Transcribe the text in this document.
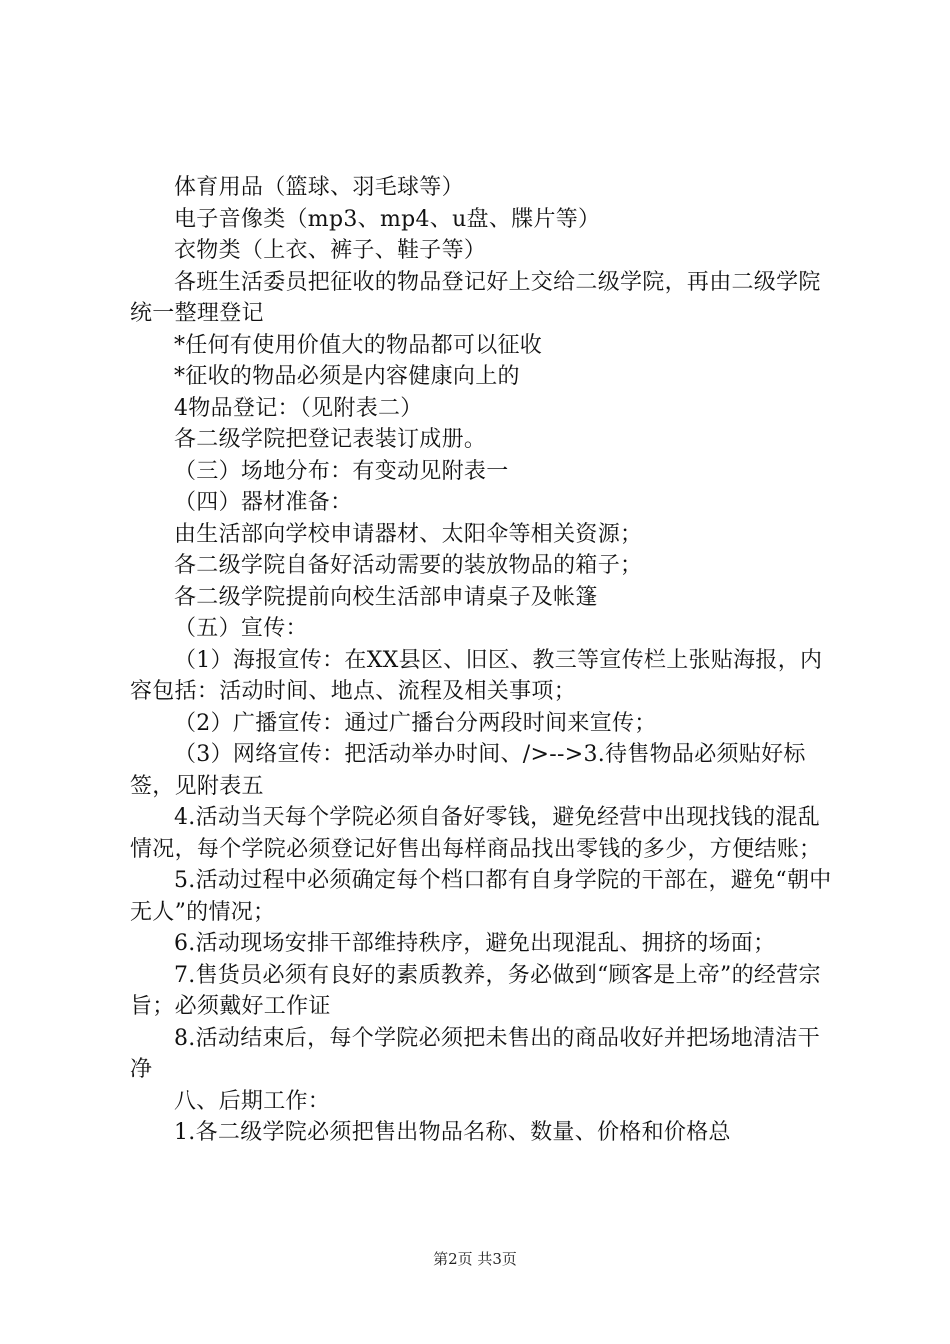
体育用品（篮球、羽毛球等）

电子音像类（mp3、mp4、u盘、牒片等）

衣物类（上衣、裤子、鞋子等）

各班生活委员把征收的物品登记好上交给二级学院，再由二级学院统一整理登记

*任何有使用价值大的物品都可以征收

*征收的物品必须是内容健康向上的

4物品登记：（见附表二）

各二级学院把登记表装订成册。

（三）场地分布：有变动见附表一

（四）器材准备：

由生活部向学校申请器材、太阳伞等相关资源；

各二级学院自备好活动需要的装放物品的箱子；

各二级学院提前向校生活部申请桌子及帐篷

（五）宣传：

（1）海报宣传：在XX县区、旧区、教三等宣传栏上张贴海报，内容包括：活动时间、地点、流程及相关事项；

（2）广播宣传：通过广播台分两段时间来宣传；

（3）网络宣传：把活动举办时间、/>-->3.待售物品必须贴好标签，见附表五

4.活动当天每个学院必须自备好零钱，避免经营中出现找钱的混乱情况，每个学院必须登记好售出每样商品找出零钱的多少，方便结账；

5.活动过程中必须确定每个档口都有自身学院的干部在，避免“朝中无人”的情况；

6.活动现场安排干部维持秩序，避免出现混乱、拥挤的场面；

7.售货员必须有良好的素质教养，务必做到“顾客是上帝”的经营宗旨；必须戴好工作证

8.活动结束后，每个学院必须把未售出的商品收好并把场地清洁干净

八、后期工作：

1.各二级学院必须把售出物品名称、数量、价格和价格总

第2页 共3页
